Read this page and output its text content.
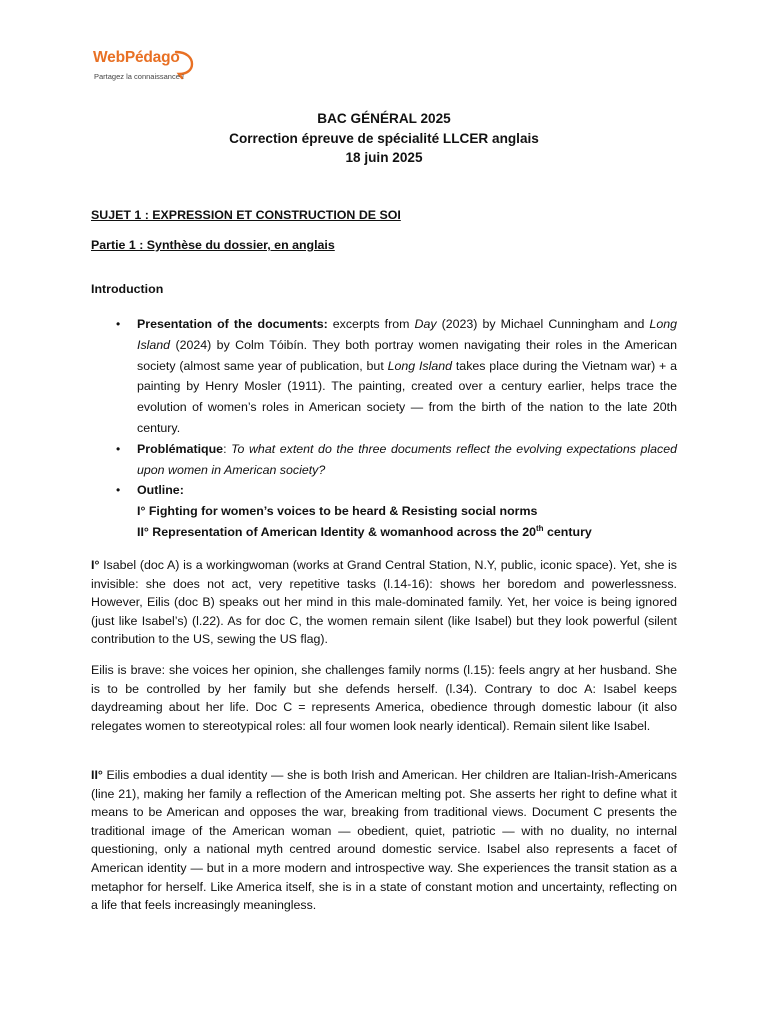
WebPédago
Partagez la connaissance !
BAC GÉNÉRAL 2025
Correction épreuve de spécialité LLCER anglais
18 juin 2025
SUJET 1 : EXPRESSION ET CONSTRUCTION DE SOI
Partie 1 : Synthèse du dossier, en anglais
Introduction
• Presentation of the documents: excerpts from Day (2023) by Michael Cunningham and Long Island (2024) by Colm Tóibín. They both portray women navigating their roles in the American society (almost same year of publication, but Long Island takes place during the Vietnam war) + a painting by Henry Mosler (1911). The painting, created over a century earlier, helps trace the evolution of women’s roles in American society — from the birth of the nation to the late 20th century.
• Problématique: To what extent do the three documents reflect the evolving expectations placed upon women in American society?
• Outline:
I° Fighting for women’s voices to be heard & Resisting social norms
II° Representation of American Identity & womanhood across the 20th century
I° Isabel (doc A) is a workingwoman (works at Grand Central Station, N.Y, public, iconic space). Yet, she is invisible: she does not act, very repetitive tasks (l.14-16): shows her boredom and powerlessness. However, Eilis (doc B) speaks out her mind in this male-dominated family. Yet, her voice is being ignored (just like Isabel’s) (l.22). As for doc C, the women remain silent (like Isabel) but they look powerful (silent contribution to the US, sewing the US flag).
Eilis is brave: she voices her opinion, she challenges family norms (l.15): feels angry at her husband. She is to be controlled by her family but she defends herself. (l.34). Contrary to doc A: Isabel keeps daydreaming about her life. Doc C = represents America, obedience through domestic labour (it also relegates women to stereotypical roles: all four women look nearly identical). Remain silent like Isabel.
II° Eilis embodies a dual identity — she is both Irish and American. Her children are Italian-Irish-Americans (line 21), making her family a reflection of the American melting pot. She asserts her right to define what it means to be American and opposes the war, breaking from traditional views. Document C presents the traditional image of the American woman — obedient, quiet, patriotic — with no duality, no internal questioning, only a national myth centred around domestic service. Isabel also represents a facet of American identity — but in a more modern and introspective way. She experiences the transit station as a metaphor for herself. Like America itself, she is in a state of constant motion and uncertainty, reflecting on a life that feels increasingly meaningless.
